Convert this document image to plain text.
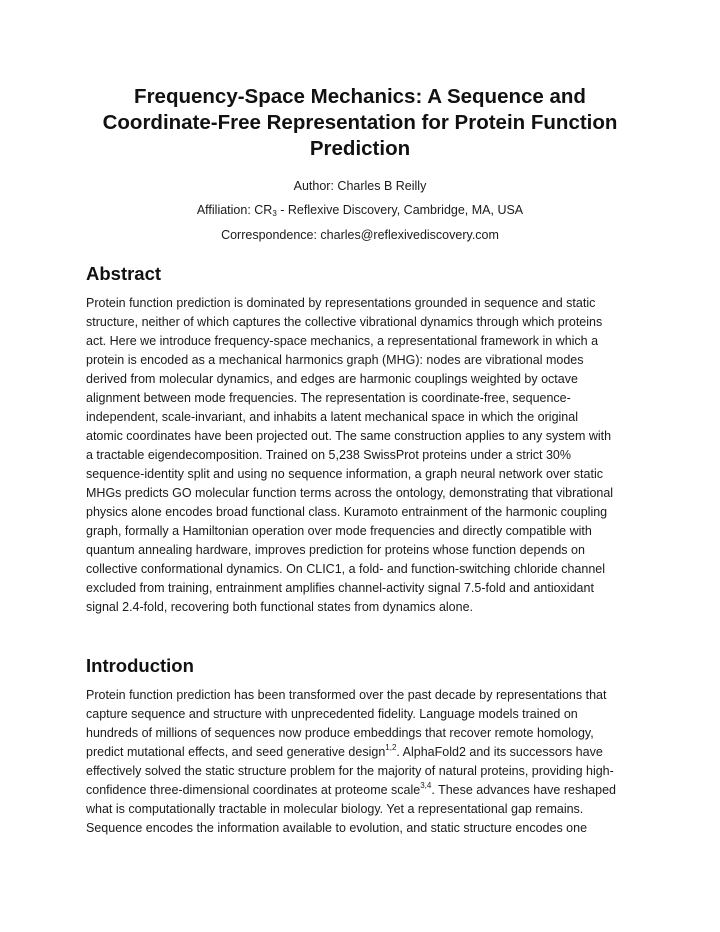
Frequency-Space Mechanics: A Sequence and
Coordinate-Free Representation for Protein Function
Prediction

Author: Charles B Reilly

Affiliation: $CR_3$ - Reflexive Discovery, Cambridge, MA, USA

Correspondence: charles@reflexivediscovery.com

Abstract

Protein function prediction is dominated by representations grounded in sequence and static
structure, neither of which captures the collective vibrational dynamics through which proteins
act. Here we introduce frequency-space mechanics, a representational framework in which a
protein is encoded as a mechanical harmonics graph (MHG): nodes are vibrational modes
derived from molecular dynamics, and edges are harmonic couplings weighted by octave
alignment between mode frequencies. The representation is coordinate-free, sequence-
independent, scale-invariant, and inhabits a latent mechanical space in which the original
atomic coordinates have been projected out. The same construction applies to any system with
a tractable eigendecomposition. Trained on 5,238 SwissProt proteins under a strict 30%
sequence-identity split and using no sequence information, a graph neural network over static
MHGs predicts GO molecular function terms across the ontology, demonstrating that vibrational
physics alone encodes broad functional class. Kuramoto entrainment of the harmonic coupling
graph, formally a Hamiltonian operation over mode frequencies and directly compatible with
quantum annealing hardware, improves prediction for proteins whose function depends on
collective conformational dynamics. On CLIC1, a fold- and function-switching chloride channel
excluded from training, entrainment amplifies channel-activity signal 7.5-fold and antioxidant
signal 2.4-fold, recovering both functional states from dynamics alone.

Introduction

Protein function prediction has been transformed over the past decade by representations that
capture sequence and structure with unprecedented fidelity. Language models trained on
hundreds of millions of sequences now produce embeddings that recover remote homology,
predict mutational effects, and seed generative design$^{1,2}$. AlphaFold2 and its successors have
effectively solved the static structure problem for the majority of natural proteins, providing high-
confidence three-dimensional coordinates at proteome scale$^{3,4}$. These advances have reshaped
what is computationally tractable in molecular biology. Yet a representational gap remains.
Sequence encodes the information available to evolution, and static structure encodes one
